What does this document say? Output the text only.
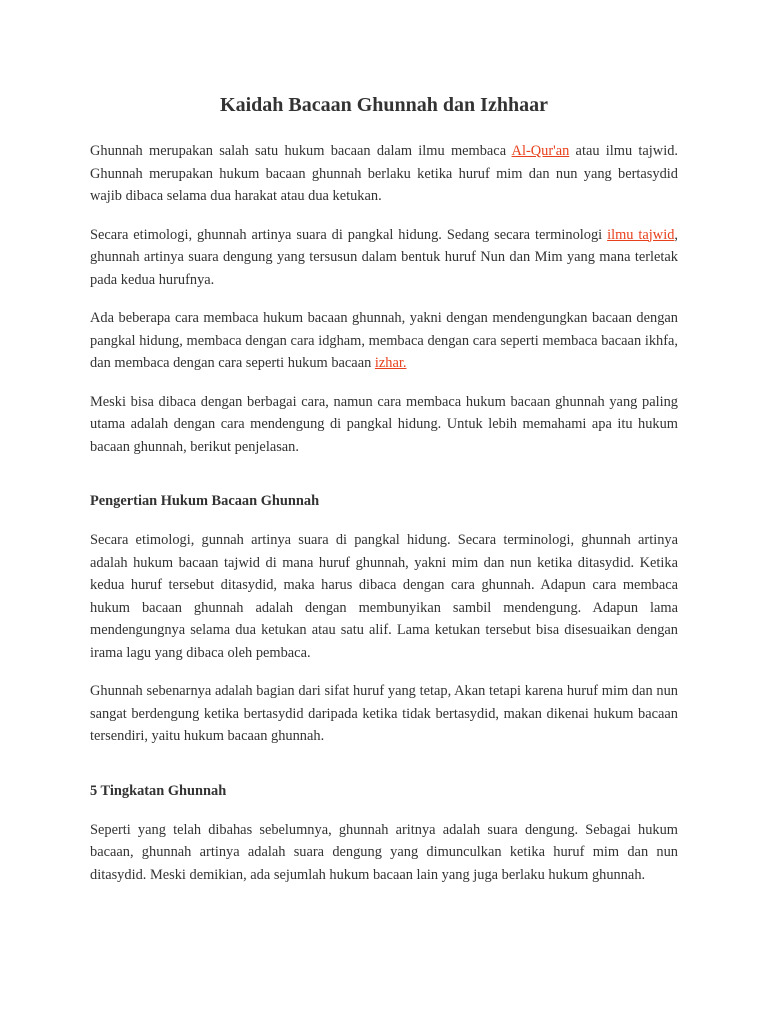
Kaidah Bacaan Ghunnah dan Izhhaar

Ghunnah merupakan salah satu hukum bacaan dalam ilmu membaca Al-Qur'an atau ilmu tajwid. Ghunnah merupakan hukum bacaan ghunnah berlaku ketika huruf mim dan nun yang bertasydid wajib dibaca selama dua harakat atau dua ketukan.

Secara etimologi, ghunnah artinya suara di pangkal hidung. Sedang secara terminologi ilmu tajwid, ghunnah artinya suara dengung yang tersusun dalam bentuk huruf Nun dan Mim yang mana terletak pada kedua hurufnya.

Ada beberapa cara membaca hukum bacaan ghunnah, yakni dengan mendengungkan bacaan dengan pangkal hidung, membaca dengan cara idgham, membaca dengan cara seperti membaca bacaan ikhfa, dan membaca dengan cara seperti hukum bacaan izhar.

Meski bisa dibaca dengan berbagai cara, namun cara membaca hukum bacaan ghunnah yang paling utama adalah dengan cara mendengung di pangkal hidung. Untuk lebih memahami apa itu hukum bacaan ghunnah, berikut penjelasan.

Pengertian Hukum Bacaan Ghunnah

Secara etimologi, gunnah artinya suara di pangkal hidung. Secara terminologi, ghunnah artinya adalah hukum bacaan tajwid di mana huruf ghunnah, yakni mim dan nun ketika ditasydid. Ketika kedua huruf tersebut ditasydid, maka harus dibaca dengan cara ghunnah. Adapun cara membaca hukum bacaan ghunnah adalah dengan membunyikan sambil mendengung. Adapun lama mendengungnya selama dua ketukan atau satu alif. Lama ketukan tersebut bisa disesuaikan dengan irama lagu yang dibaca oleh pembaca.

Ghunnah sebenarnya adalah bagian dari sifat huruf yang tetap, Akan tetapi karena huruf mim dan nun sangat berdengung ketika bertasydid daripada ketika tidak bertasydid, makan dikenai hukum bacaan tersendiri, yaitu hukum bacaan ghunnah.

5 Tingkatan Ghunnah

Seperti yang telah dibahas sebelumnya, ghunnah aritnya adalah suara dengung. Sebagai hukum bacaan, ghunnah artinya adalah suara dengung yang dimunculkan ketika huruf mim dan nun ditasydid. Meski demikian, ada sejumlah hukum bacaan lain yang juga berlaku hukum ghunnah.
